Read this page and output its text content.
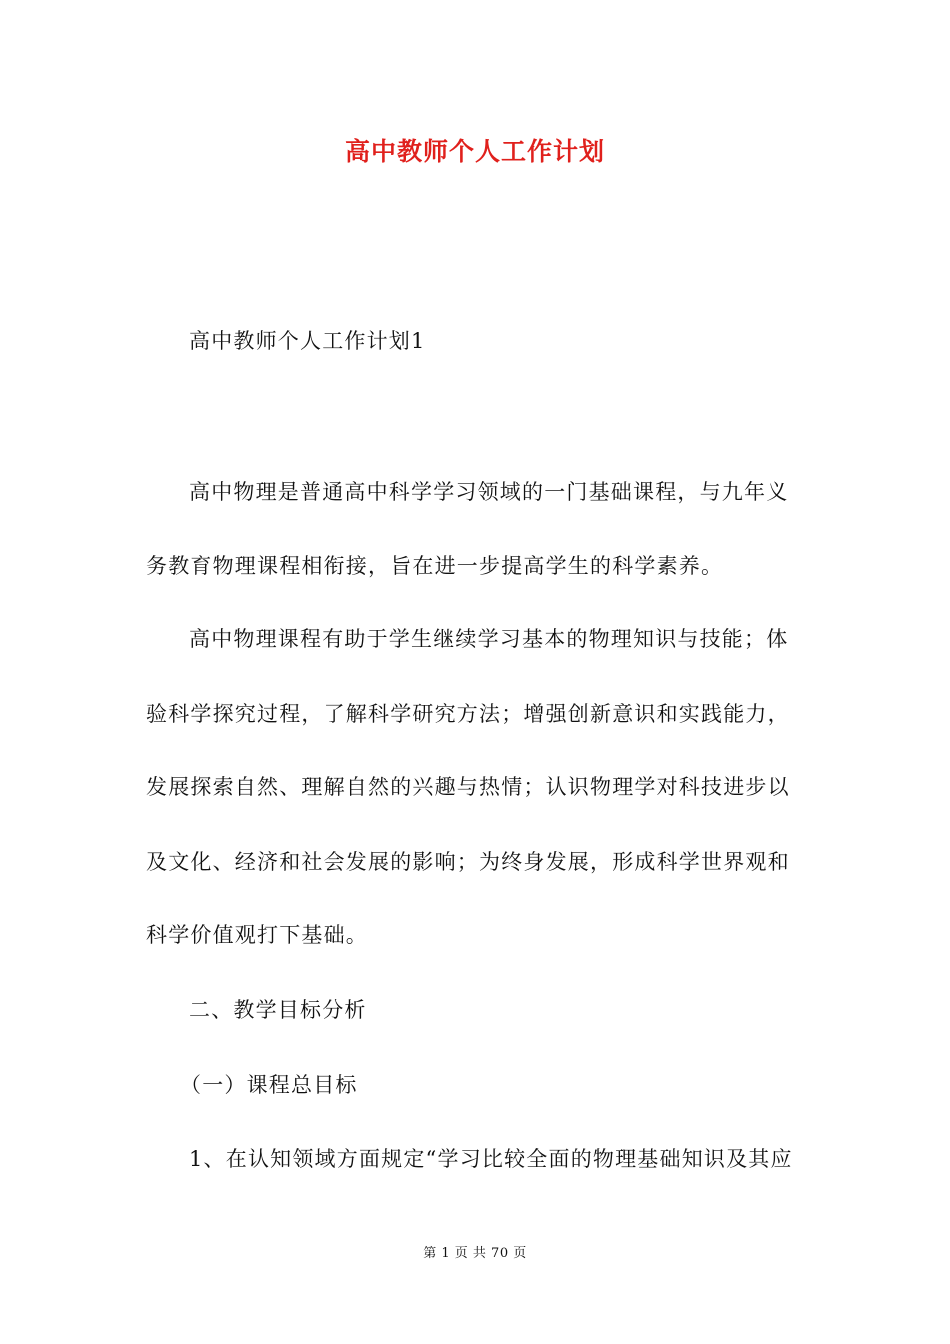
高中教师个人工作计划
高中教师个人工作计划1
高中物理是普通高中科学学习领域的一门基础课程，与九年义
务教育物理课程相衔接，旨在进一步提高学生的科学素养。
高中物理课程有助于学生继续学习基本的物理知识与技能；体
验科学探究过程，了解科学研究方法；增强创新意识和实践能力，
发展探索自然、理解自然的兴趣与热情；认识物理学对科技进步以
及文化、经济和社会发展的影响；为终身发展，形成科学世界观和
科学价值观打下基础。
二、教学目标分析
（一）课程总目标
1、在认知领域方面规定“学习比较全面的物理基础知识及其应
第 1 页 共 70 页
